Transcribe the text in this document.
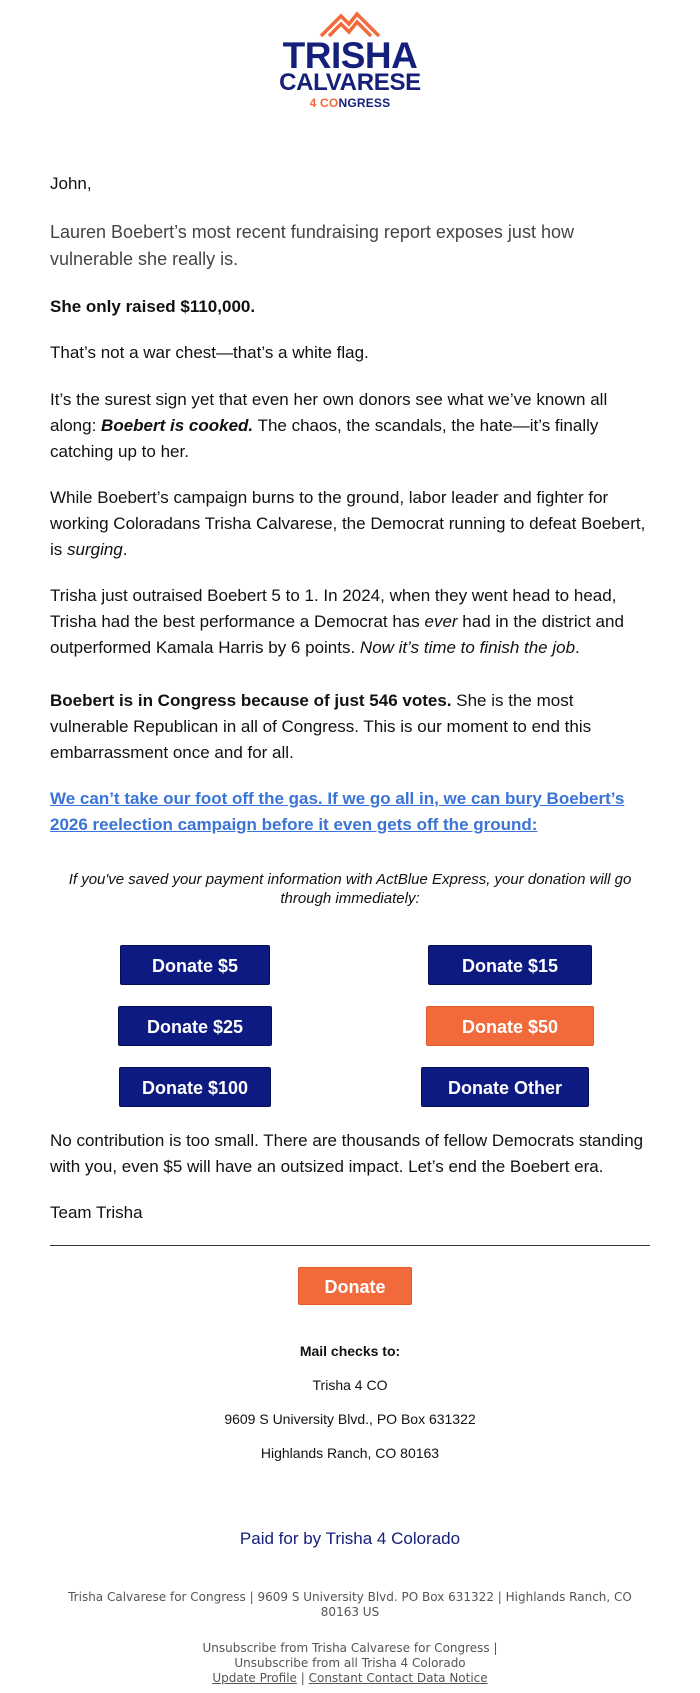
TRISHA
CALVARESE
4 CONGRESS

John,

Lauren Boebert’s most recent fundraising report exposes just how vulnerable she really is.

She only raised $110,000.

That’s not a war chest—that’s a white flag.

It’s the surest sign yet that even her own donors see what we’ve known all along: Boebert is cooked. The chaos, the scandals, the hate—it’s finally catching up to her.

While Boebert’s campaign burns to the ground, labor leader and fighter for working Coloradans Trisha Calvarese, the Democrat running to defeat Boebert, is surging.

Trisha just outraised Boebert 5 to 1. In 2024, when they went head to head, Trisha had the best performance a Democrat has ever had in the district and outperformed Kamala Harris by 6 points. Now it’s time to finish the job.

Boebert is in Congress because of just 546 votes. She is the most vulnerable Republican in all of Congress. This is our moment to end this embarrassment once and for all.

We can’t take our foot off the gas. If we go all in, we can bury Boebert’s 2026 reelection campaign before it even gets off the ground:

If you've saved your payment information with ActBlue Express, your donation will go through immediately:
Donate $5	Donate $15
Donate $25	Donate $50
Donate $100	Donate Other

No contribution is too small. There are thousands of fellow Democrats standing with you, even $5 will have an outsized impact. Let’s end the Boebert era.

Team Trisha

Donate
Mail checks to:
Trisha 4 CO
9609 S University Blvd., PO Box 631322
Highlands Ranch, CO 80163
Paid for by Trisha 4 Colorado
Trisha Calvarese for Congress | 9609 S University Blvd. PO Box 631322 | Highlands Ranch, CO
80163 US
Unsubscribe from Trisha Calvarese for Congress |
Unsubscribe from all Trisha 4 Colorado
Update Profile | Constant Contact Data Notice
